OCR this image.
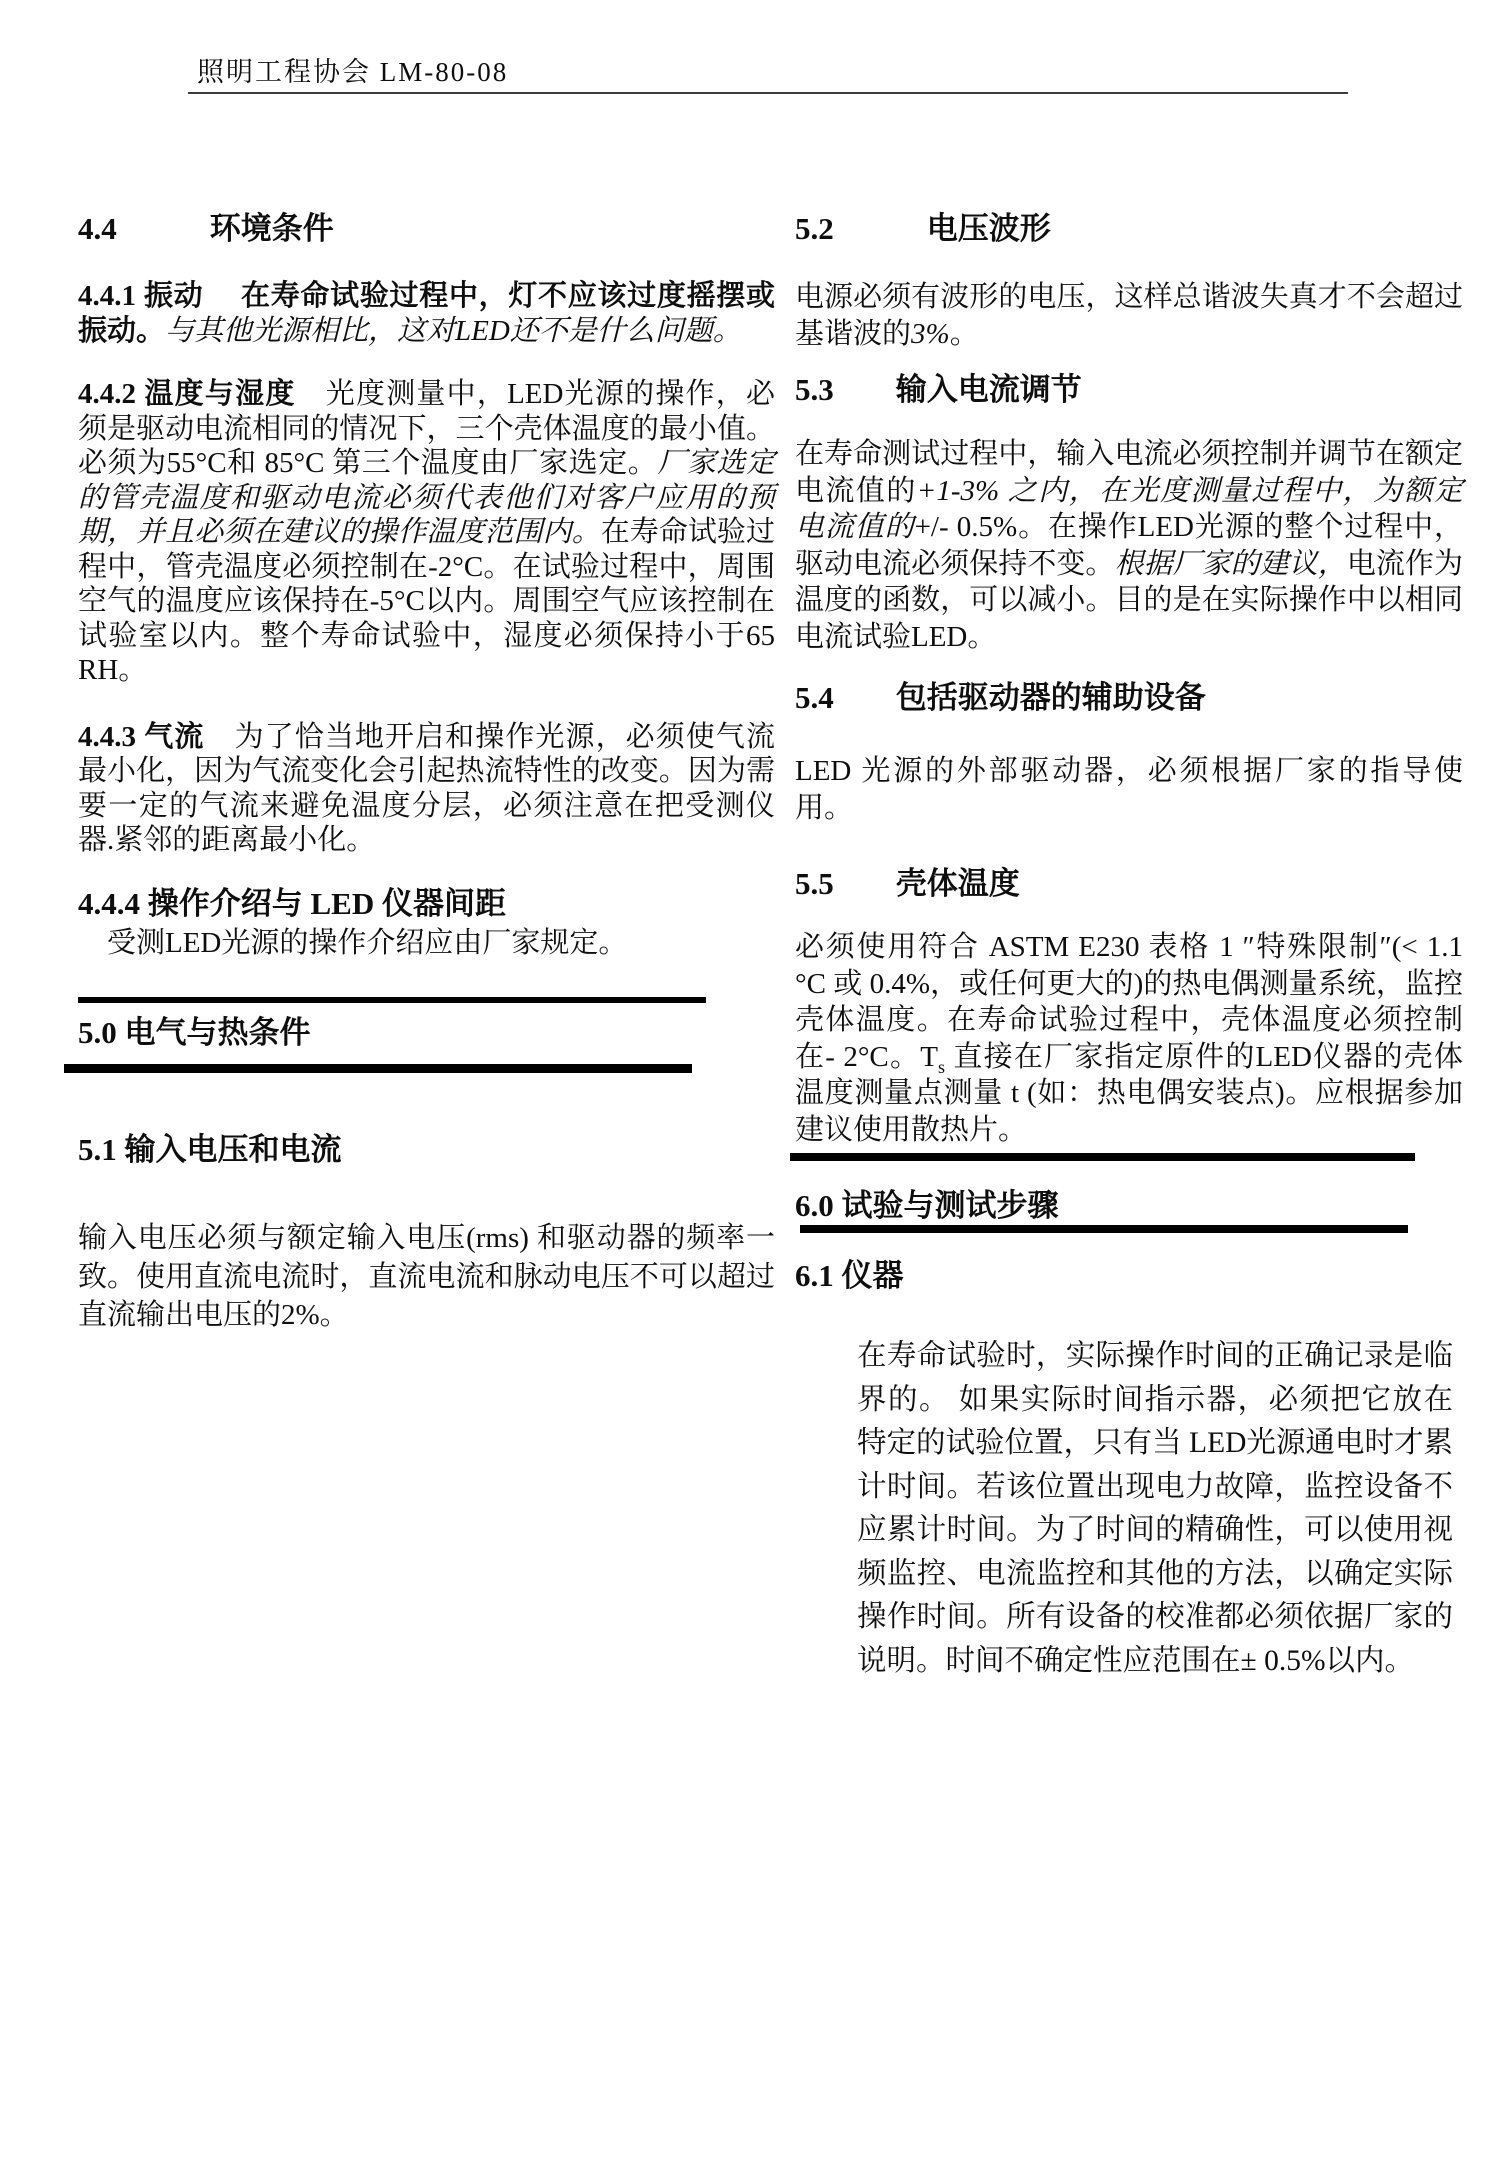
照明工程协会 LM-80-08
4.4　　　环境条件
4.4.1 振动　 在寿命试验过程中，灯不应该过度摇摆或振动。与其他光源相比，这对LED还不是什么问题。
4.4.2 温度与湿度　光度测量中，LED光源的操作，必须是驱动电流相同的情况下，三个壳体温度的最小值。必须为55°C和 85°C 第三个温度由厂家选定。厂家选定的管壳温度和驱动电流必须代表他们对客户应用的预期，并且必须在建议的操作温度范围内。在寿命试验过程中，管壳温度必须控制在-2°C。在试验过程中，周围空气的温度应该保持在-5°C以内。周围空气应该控制在试验室以内。整个寿命试验中，湿度必须保持小于65 RH。
4.4.3 气流　为了恰当地开启和操作光源，必须使气流最小化，因为气流变化会引起热流特性的改变。因为需要一定的气流来避免温度分层，必须注意在把受测仪器.紧邻的距离最小化。
4.4.4 操作介绍与 LED 仪器间距
　受测LED光源的操作介绍应由厂家规定。
5.0 电气与热条件
5.1 输入电压和电流
输入电压必须与额定输入电压(rms) 和驱动器的频率一致。使用直流电流时，直流电流和脉动电压不可以超过直流输出电压的2%。
5.2　　　电压波形
电源必须有波形的电压，这样总谐波失真才不会超过基谐波的3%。
5.3　　输入电流调节
在寿命测试过程中，输入电流必须控制并调节在额定电流值的+1-3% 之内，在光度测量过程中，为额定电流值的+/- 0.5%。在操作LED光源的整个过程中，驱动电流必须保持不变。根据厂家的建议，电流作为温度的函数，可以减小。目的是在实际操作中以相同电流试验LED。
5.4　　包括驱动器的辅助设备
LED 光源的外部驱动器，必须根据厂家的指导使用。
5.5　　壳体温度
必须使用符合 ASTM E230 表格 1 ″特殊限制″(< 1.1 °C 或 0.4%，或任何更大的)的热电偶测量系统，监控壳体温度。在寿命试验过程中，壳体温度必须控制在- 2°C。$T_s$ 直接在厂家指定原件的LED仪器的壳体温度测量点测量 t (如：热电偶安装点)。应根据参加建议使用散热片。
6.0 试验与测试步骤
6.1 仪器
在寿命试验时，实际操作时间的正确记录是临界的。 如果实际时间指示器，必须把它放在特定的试验位置，只有当 LED光源通电时才累计时间。若该位置出现电力故障，监控设备不应累计时间。为了时间的精确性，可以使用视频监控、电流监控和其他的方法，以确定实际操作时间。所有设备的校准都必须依据厂家的说明。时间不确定性应范围在± 0.5%以内。
